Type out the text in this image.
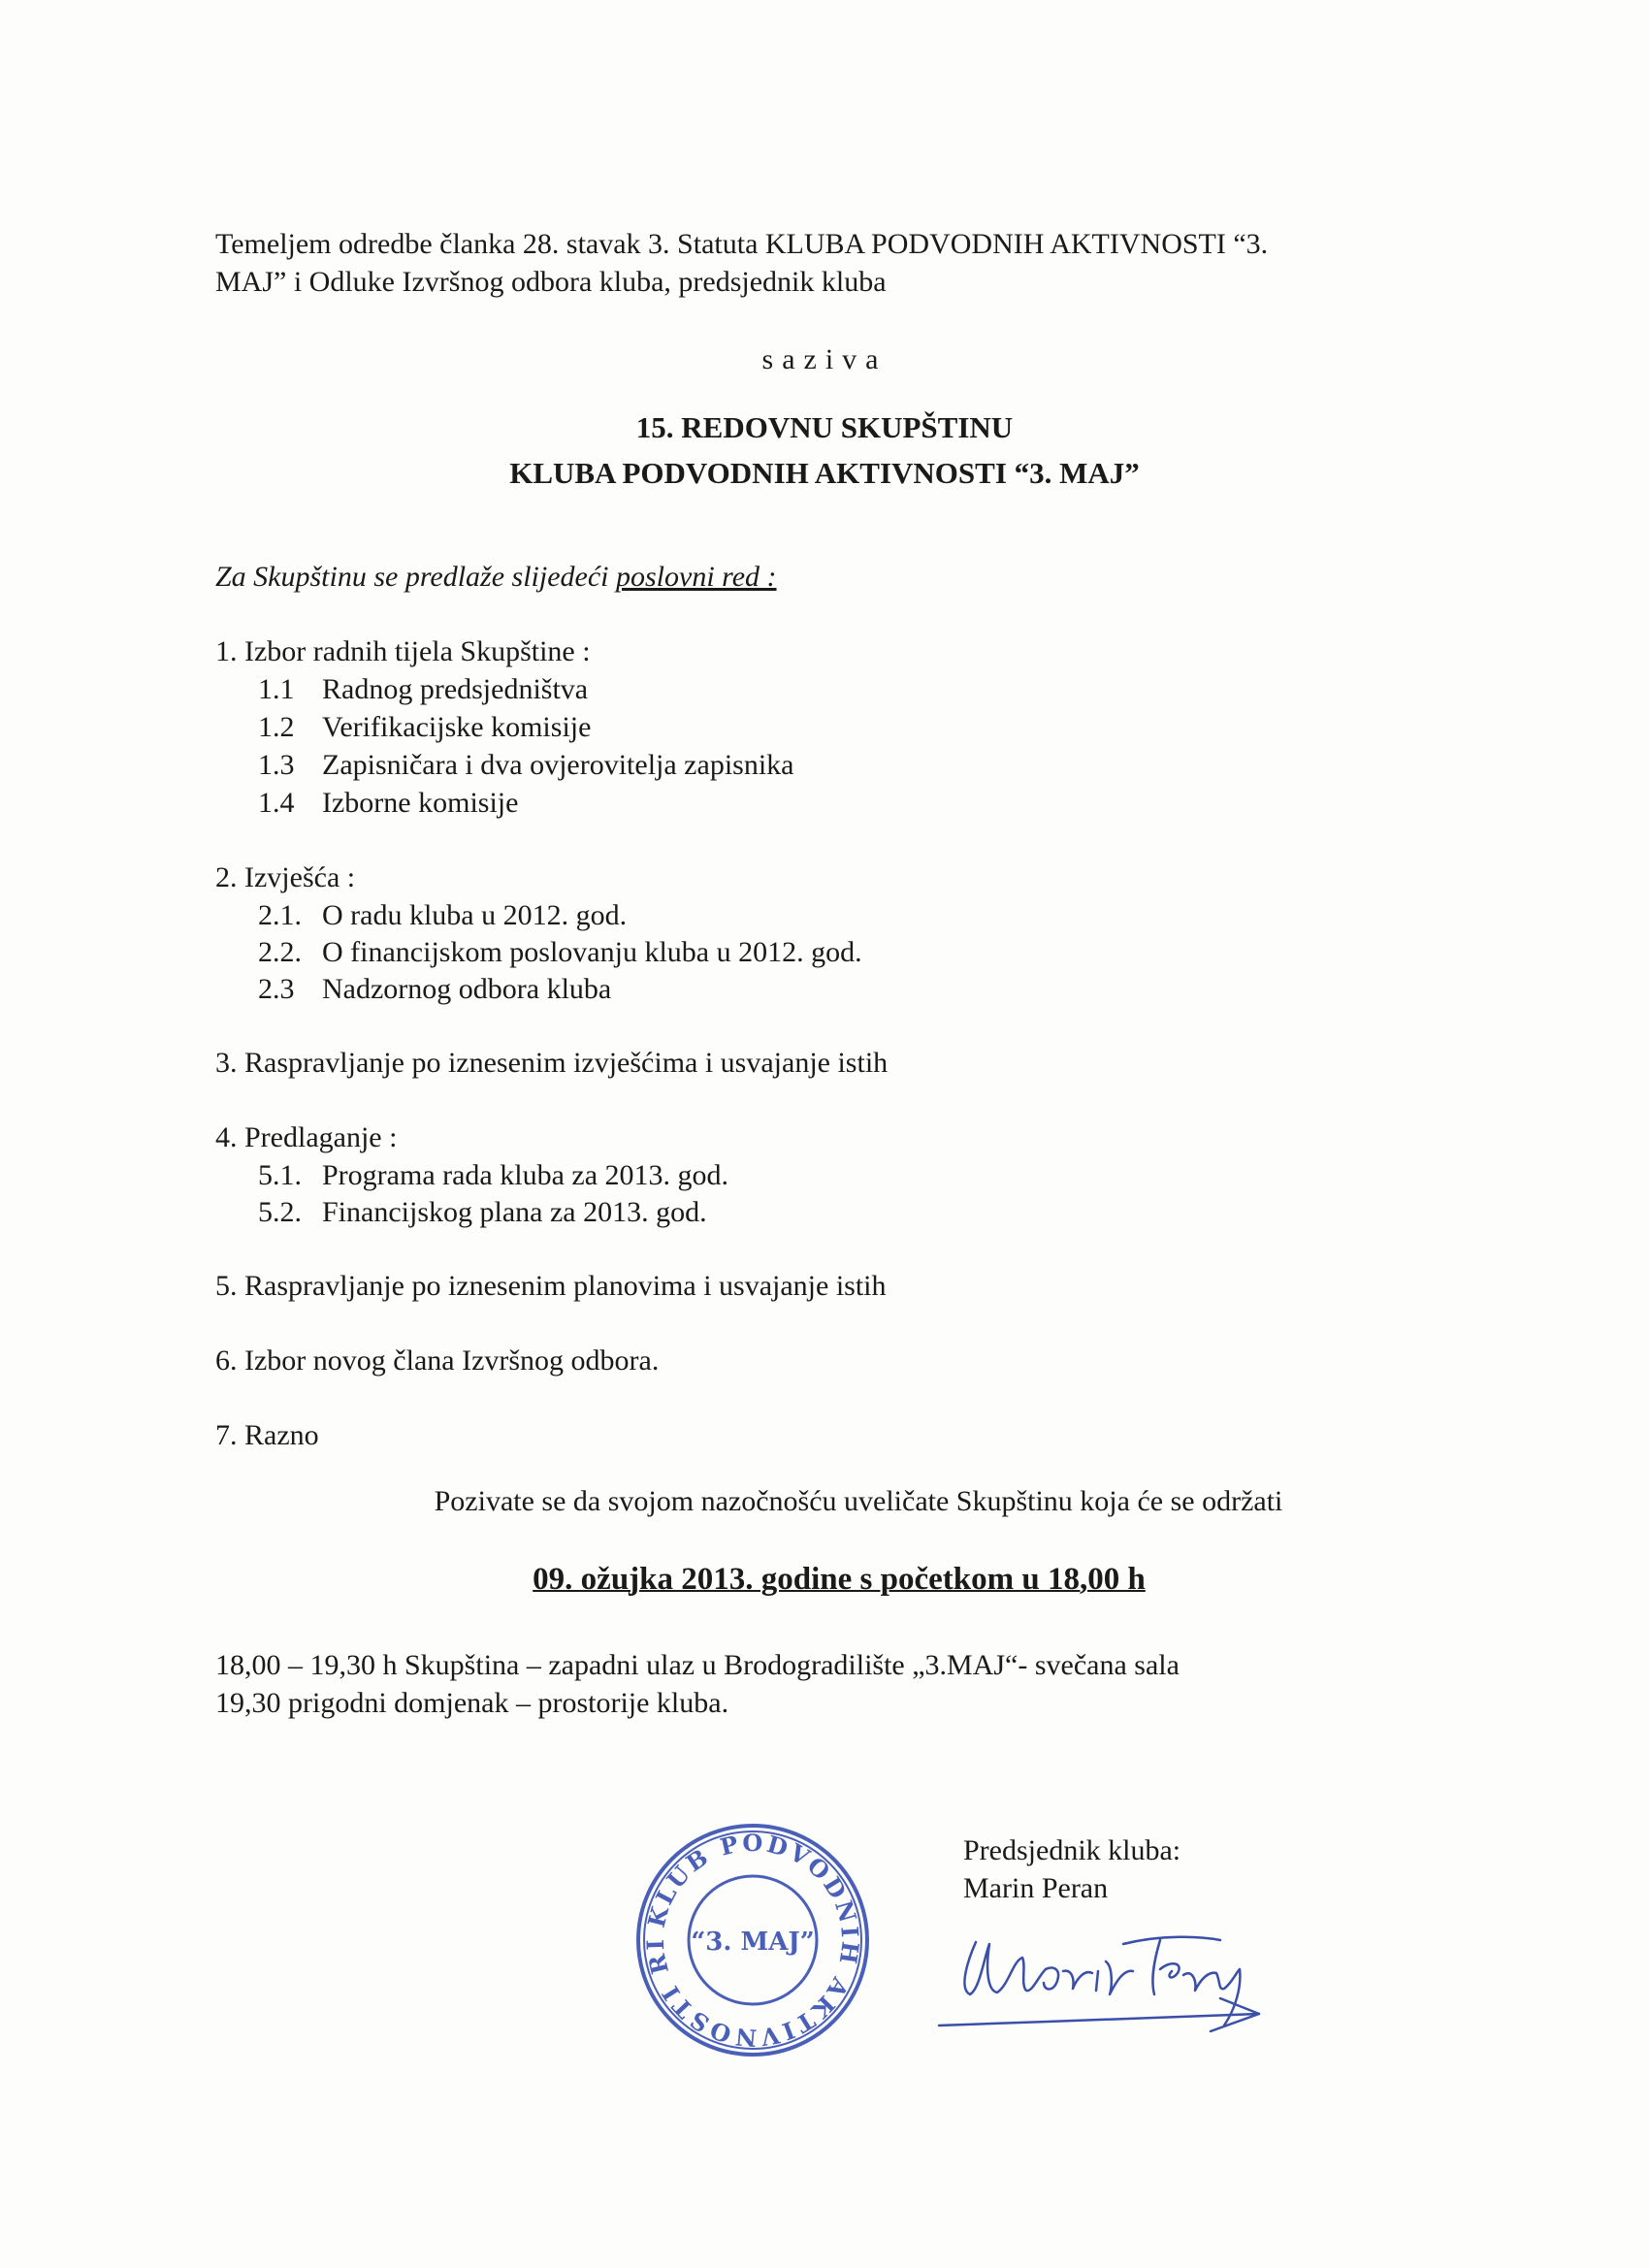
Temeljem odredbe članka 28. stavak 3. Statuta KLUBA PODVODNIH AKTIVNOSTI “3.
MAJ” i Odluke Izvršnog odbora kluba, predsjednik kluba
saziva
15. REDOVNU SKUPŠTINU
KLUBA PODVODNIH AKTIVNOSTI “3. MAJ”
Za Skupštinu se predlaže slijedeći poslovni red :
1. Izbor radnih tijela Skupštine :
1.1 Radnog predsjedništva
1.2 Verifikacijske komisije
1.3 Zapisničara i dva ovjerovitelja zapisnika
1.4 Izborne komisije
2. Izvješća :
2.1. O radu kluba u 2012. god.
2.2. O financijskom poslovanju kluba u 2012. god.
2.3 Nadzornog odbora kluba
3. Raspravljanje po iznesenim izvješćima i usvajanje istih
4. Predlaganje :
5.1. Programa rada kluba za 2013. god.
5.2. Financijskog plana za 2013. god.
5. Raspravljanje po iznesenim planovima i usvajanje istih
6. Izbor novog člana Izvršnog odbora.
7. Razno
Pozivate se da svojom nazočnošću uveličate Skupštinu koja će se održati
09. ožujka 2013. godine s početkom u 18,00 h
18,00 – 19,30 h Skupština – zapadni ulaz u Brodogradilište „3.MAJ“- svečana sala
19,30 prigodni domjenak – prostorije kluba.
Predsjednik kluba:
Marin Peran
KLUB PODVODNIH AKTIVNOSTI RI “3. MAJ”
